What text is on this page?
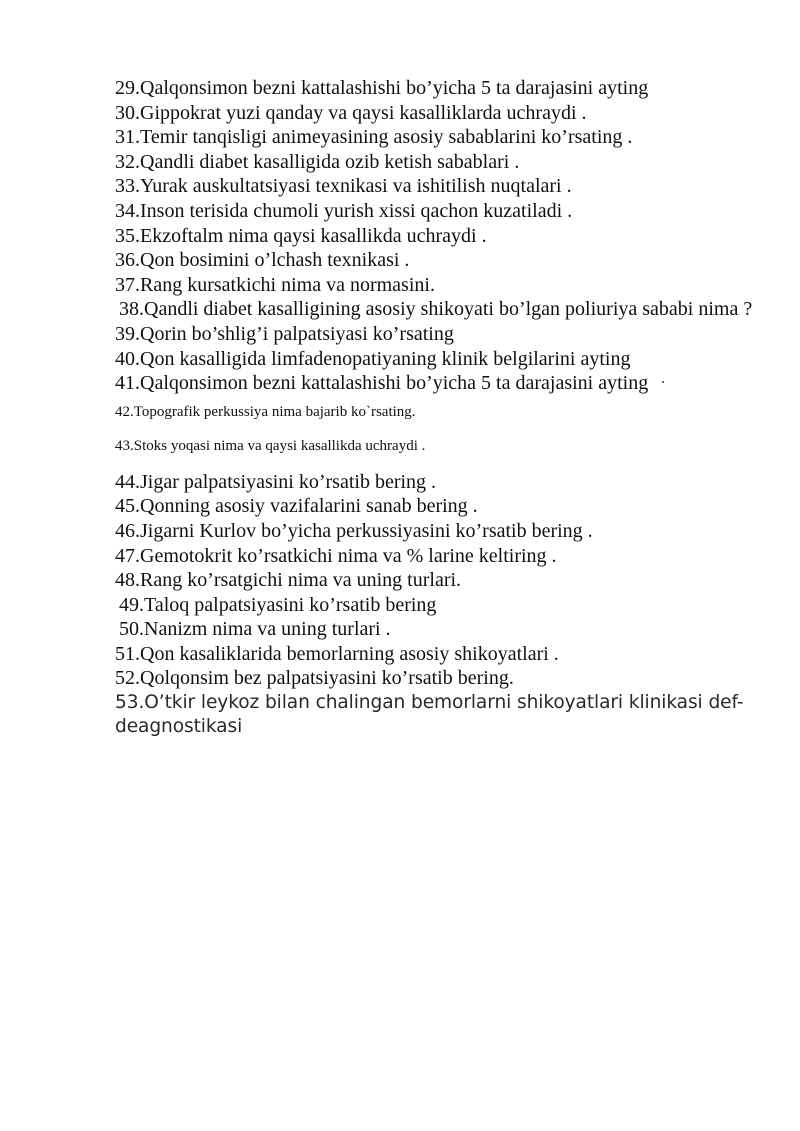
29.Qalqonsimon bezni kattalashishi bo’yicha 5 ta darajasini ayting

30.Gippokrat yuzi qanday va qaysi kasalliklarda uchraydi .

31.Temir tanqisligi animeyasining asosiy sabablarini ko’rsating .

32.Qandli diabet kasalligida ozib ketish sabablari .

33.Yurak auskultatsiyasi texnikasi va ishitilish nuqtalari .

34.Inson terisida chumoli yurish xissi qachon kuzatiladi .

35.Ekzoftalm nima qaysi kasallikda uchraydi .

36.Qon bosimini o’lchash texnikasi .

37.Rang kursatkichi nima va normasini.

38.Qandli diabet kasalligining asosiy shikoyati bo’lgan poliuriya sababi nima ?

39.Qorin bo’shlig’i palpatsiyasi ko’rsating

40.Qon kasalligida limfadenopatiyaning klinik belgilarini ayting

41.Qalqonsimon bezni kattalashishi bo’yicha 5 ta darajasini ayting

42.Topografik perkussiya nima bajarib ko`rsating.

43.Stoks yoqasi nima va qaysi kasallikda uchraydi .

44.Jigar palpatsiyasini ko’rsatib bering .

45.Qonning asosiy vazifalarini sanab bering .

46.Jigarni Kurlov bo’yicha perkussiyasini ko’rsatib bering .

47.Gemotokrit ko’rsatkichi nima va % larine keltiring .

48.Rang ko’rsatgichi nima va uning turlari.

49.Taloq palpatsiyasini ko’rsatib bering

50.Nanizm nima va uning turlari .

51.Qon kasaliklarida bemorlarning asosiy shikoyatlari .

52.Qolqonsim bez palpatsiyasini ko’rsatib bering.

53.O’tkir leykoz bilan chalingan bemorlarni shikoyatlari klinikasi def-deagnostikasi
